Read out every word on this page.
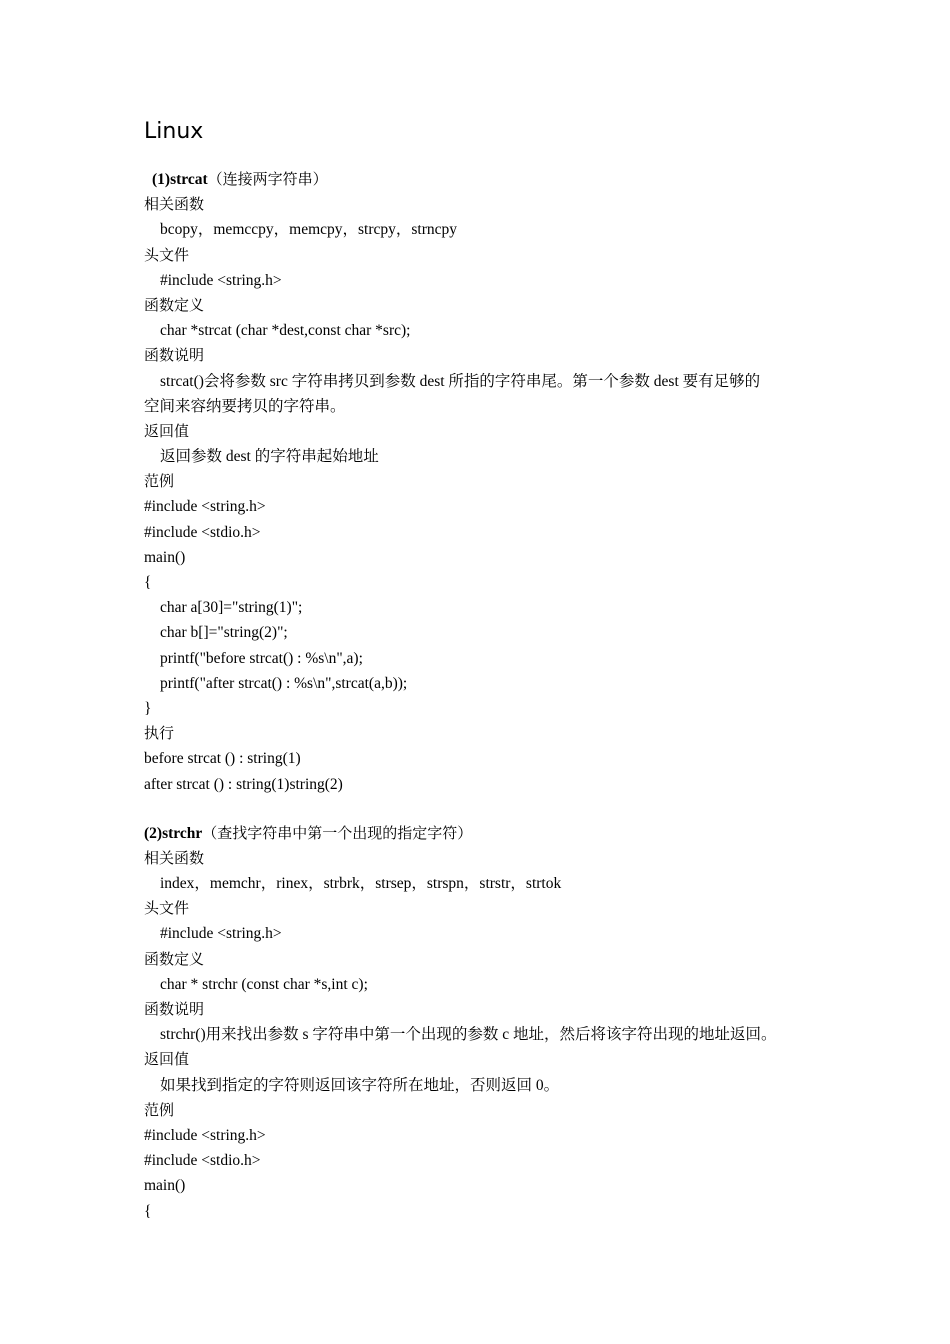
Linux
(1)strcat（连接两字符串）
相关函数
bcopy，memccpy，memcpy，strcpy，strncpy
头文件
#include <string.h>
函数定义
char *strcat (char *dest,const char *src);
函数说明
strcat()会将参数 src 字符串拷贝到参数 dest 所指的字符串尾。第一个参数 dest 要有足够的
空间来容纳要拷贝的字符串。
返回值
返回参数 dest 的字符串起始地址
范例
#include <string.h>
#include <stdio.h>
main()
{
char a[30]="string(1)";
char b[]="string(2)";
printf("before strcat() : %s\n",a);
printf("after strcat() : %s\n",strcat(a,b));
}
执行
before strcat () : string(1)
after strcat () : string(1)string(2)
(2)strchr（查找字符串中第一个出现的指定字符）
相关函数
index，memchr，rinex，strbrk，strsep，strspn，strstr，strtok
头文件
#include <string.h>
函数定义
char * strchr (const char *s,int c);
函数说明
strchr()用来找出参数 s 字符串中第一个出现的参数 c 地址，然后将该字符出现的地址返回。
返回值
如果找到指定的字符则返回该字符所在地址，否则返回 0。
范例
#include <string.h>
#include <stdio.h>
main()
{
